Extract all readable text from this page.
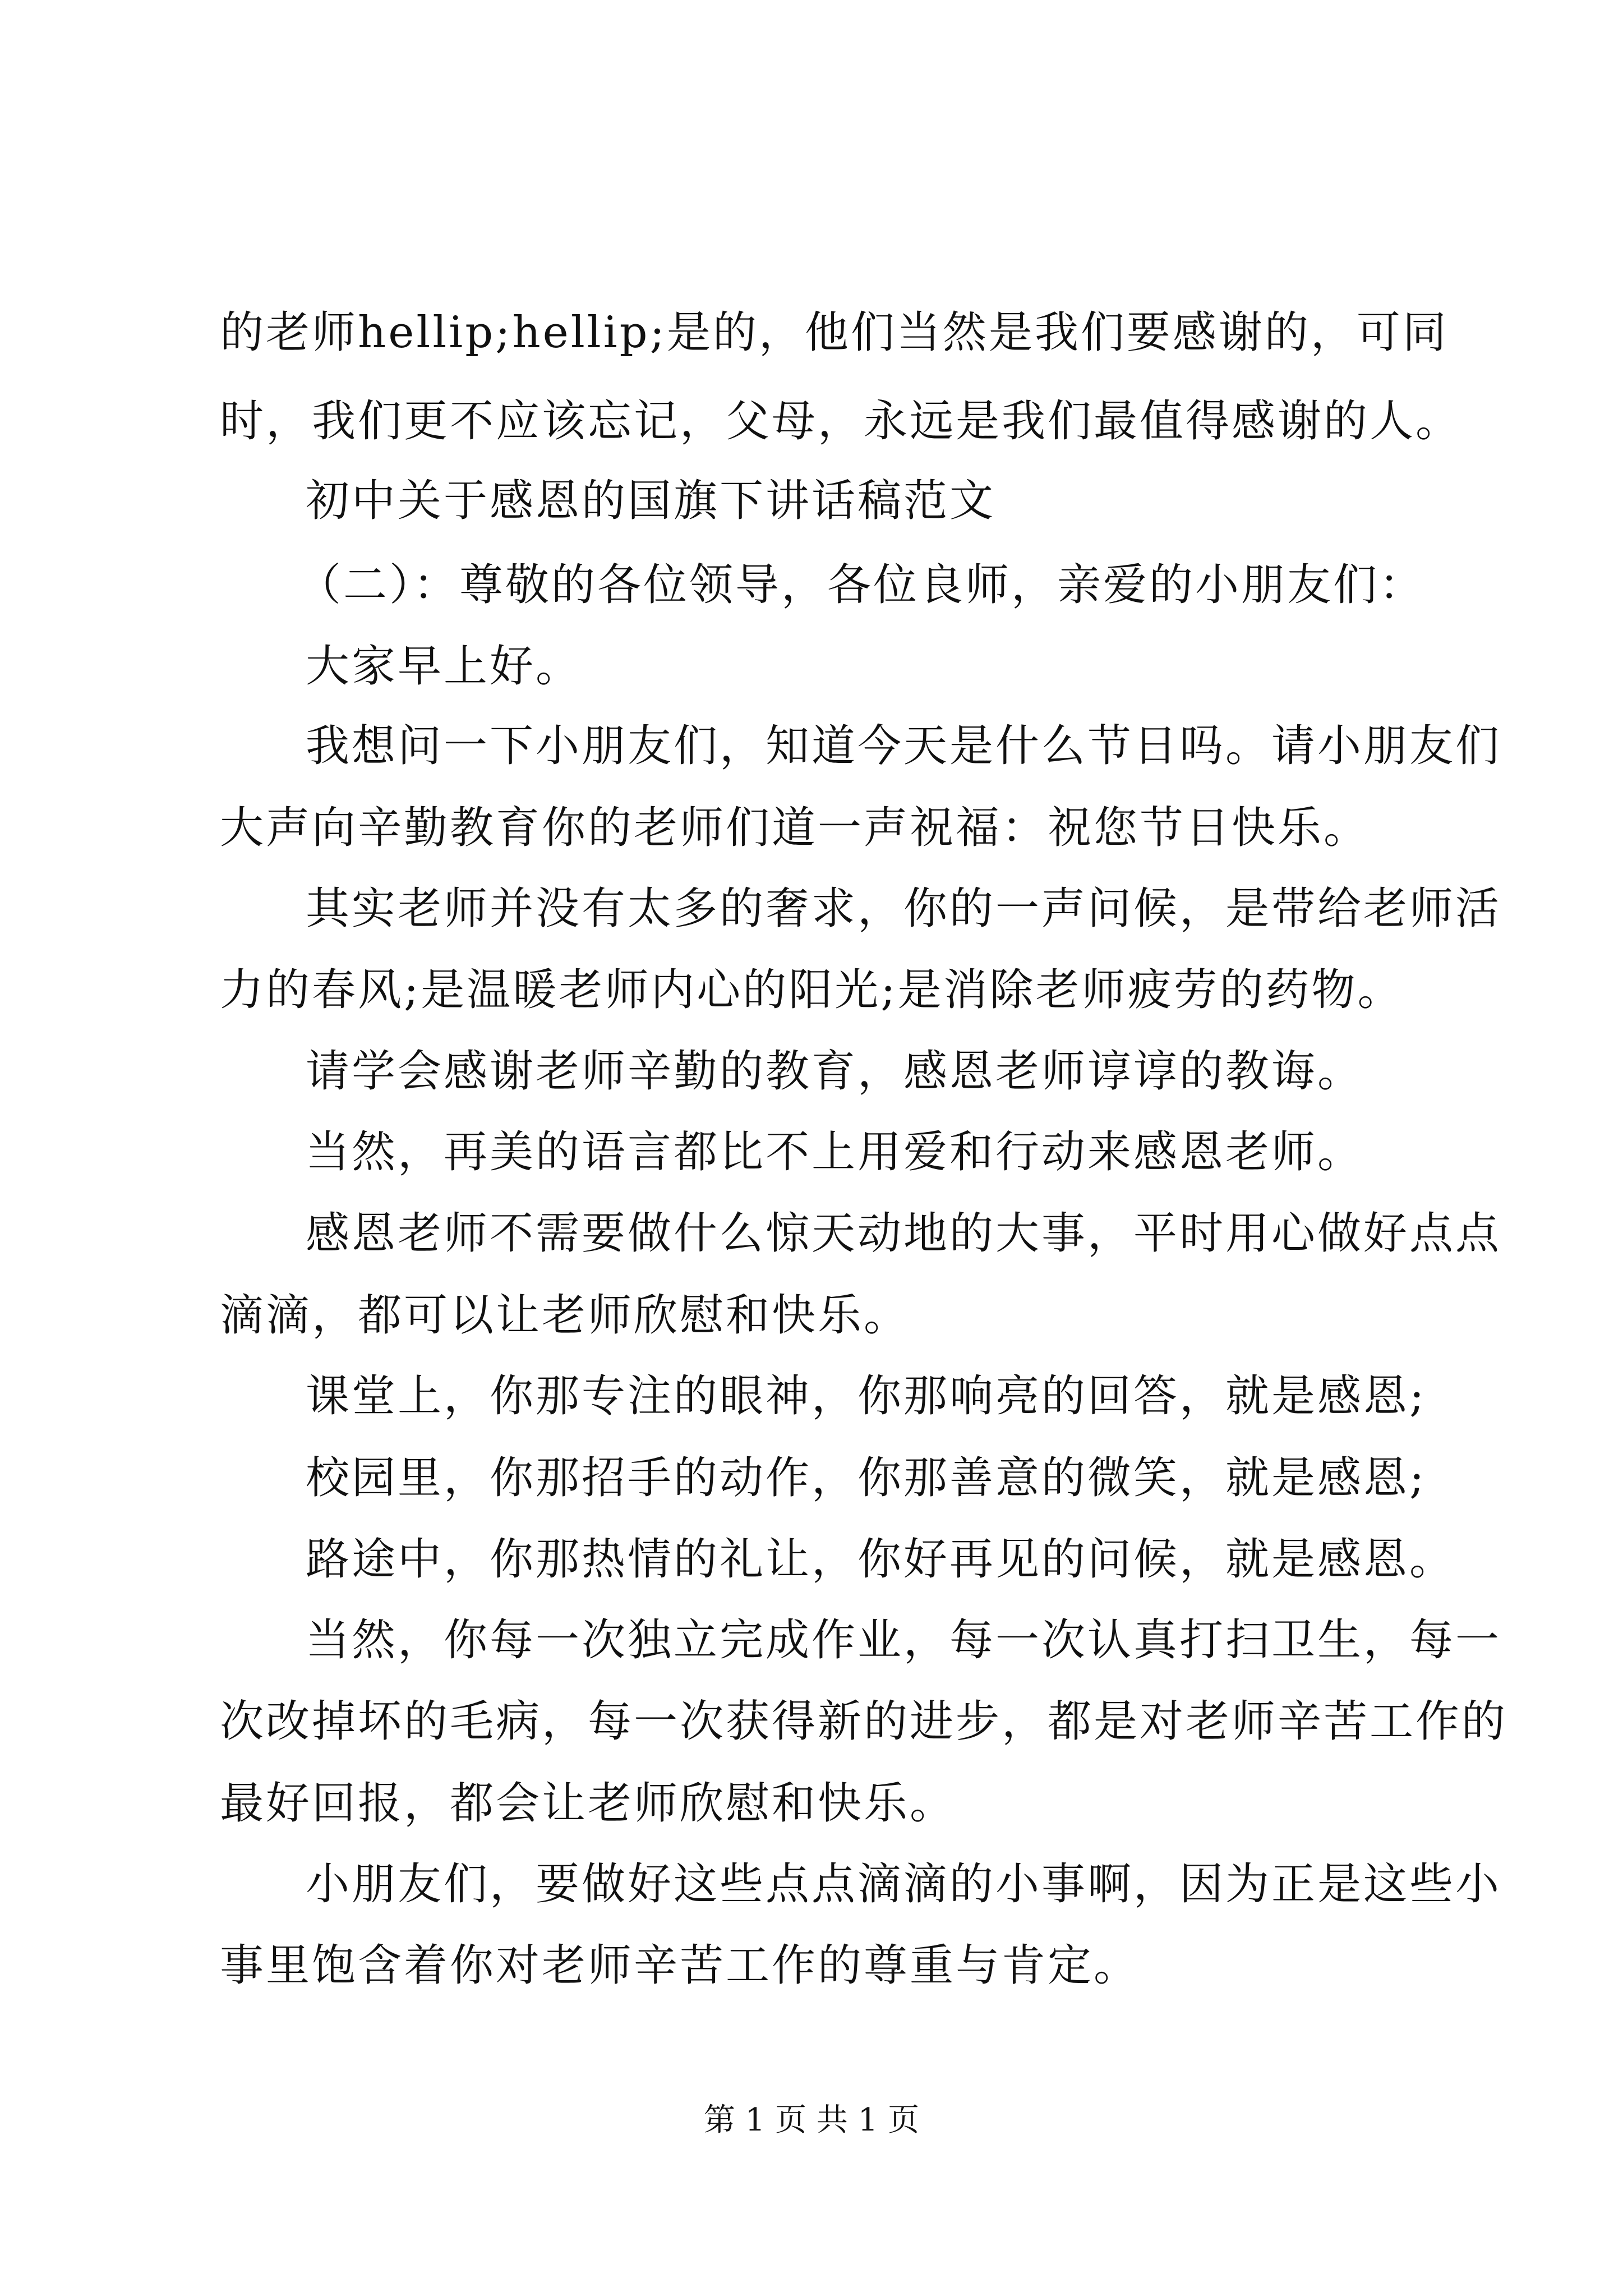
的老师hellip;hellip;是的，他们当然是我们要感谢的，可同
时，我们更不应该忘记，父母，永远是我们最值得感谢的人。
初中关于感恩的国旗下讲话稿范文
（二）：尊敬的各位领导，各位良师，亲爱的小朋友们：
大家早上好。
我想问一下小朋友们，知道今天是什么节日吗。请小朋友们
大声向辛勤教育你的老师们道一声祝福：祝您节日快乐。
其实老师并没有太多的奢求，你的一声问候，是带给老师活
力的春风;是温暖老师内心的阳光;是消除老师疲劳的药物。
请学会感谢老师辛勤的教育，感恩老师谆谆的教诲。
当然，再美的语言都比不上用爱和行动来感恩老师。
感恩老师不需要做什么惊天动地的大事，平时用心做好点点
滴滴，都可以让老师欣慰和快乐。
课堂上，你那专注的眼神，你那响亮的回答，就是感恩;
校园里，你那招手的动作，你那善意的微笑，就是感恩;
路途中，你那热情的礼让，你好再见的问候，就是感恩。
当然，你每一次独立完成作业，每一次认真打扫卫生，每一
次改掉坏的毛病，每一次获得新的进步，都是对老师辛苦工作的
最好回报，都会让老师欣慰和快乐。
小朋友们，要做好这些点点滴滴的小事啊，因为正是这些小
事里饱含着你对老师辛苦工作的尊重与肯定。
第 1 页 共 1 页
